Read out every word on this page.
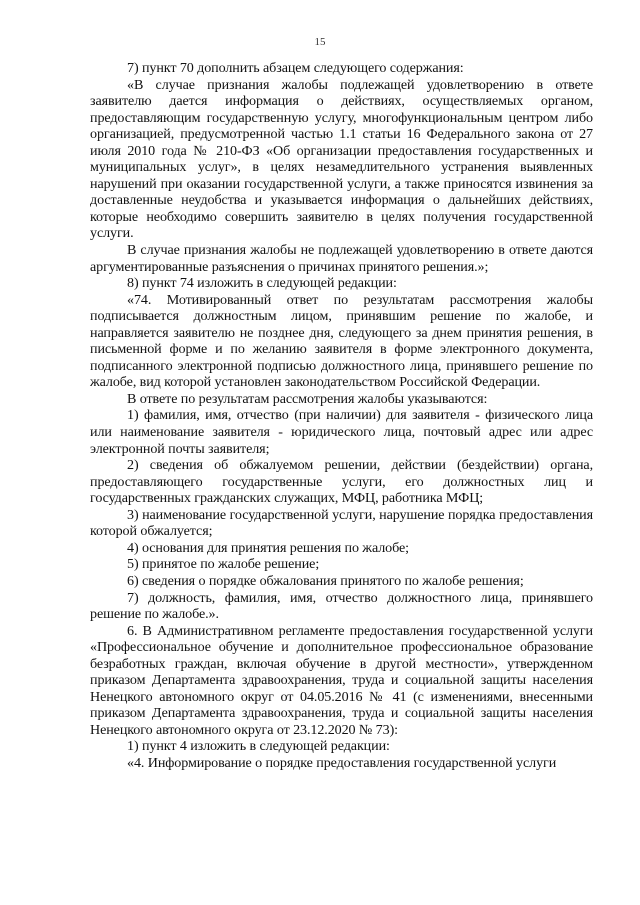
15

7) пункт 70 дополнить абзацем следующего содержания:

«В случае признания жалобы подлежащей удовлетворению в ответе заявителю дается информация о действиях, осуществляемых органом, предоставляющим государственную услугу, многофункциональным центром либо организацией, предусмотренной частью 1.1 статьи 16 Федерального закона от 27 июля 2010 года № 210-ФЗ «Об организации предоставления государственных и муниципальных услуг», в целях незамедлительного устранения выявленных нарушений при оказании государственной услуги, а также приносятся извинения за доставленные неудобства и указывается информация о дальнейших действиях, которые необходимо совершить заявителю в целях получения государственной услуги.

В случае признания жалобы не подлежащей удовлетворению в ответе даются аргументированные разъяснения о причинах принятого решения.»;

8) пункт 74 изложить в следующей редакции:

«74. Мотивированный ответ по результатам рассмотрения жалобы подписывается должностным лицом, принявшим решение по жалобе, и направляется заявителю не позднее дня, следующего за днем принятия решения, в письменной форме и по желанию заявителя в форме электронного документа, подписанного электронной подписью должностного лица, принявшего решение по жалобе, вид которой установлен законодательством Российской Федерации.

В ответе по результатам рассмотрения жалобы указываются:

1) фамилия, имя, отчество (при наличии) для заявителя - физического лица или наименование заявителя - юридического лица, почтовый адрес или адрес электронной почты заявителя;

2) сведения об обжалуемом решении, действии (бездействии) органа, предоставляющего государственные услуги, его должностных лиц и государственных гражданских служащих, МФЦ, работника МФЦ;

3) наименование государственной услуги, нарушение порядка предоставления которой обжалуется;

4) основания для принятия решения по жалобе;

5) принятое по жалобе решение;

6) сведения о порядке обжалования принятого по жалобе решения;

7) должность, фамилия, имя, отчество должностного лица, принявшего решение по жалобе.».

6. В Административном регламенте предоставления государственной услуги «Профессиональное обучение и дополнительное профессиональное образование безработных граждан, включая обучение в другой местности», утвержденном приказом Департамента здравоохранения, труда и социальной защиты населения Ненецкого автономного округ от 04.05.2016 № 41 (с изменениями, внесенными приказом Департамента здравоохранения, труда и социальной защиты населения Ненецкого автономного округа от 23.12.2020 № 73):

1) пункт 4 изложить в следующей редакции:

«4. Информирование о порядке предоставления государственной услуги
